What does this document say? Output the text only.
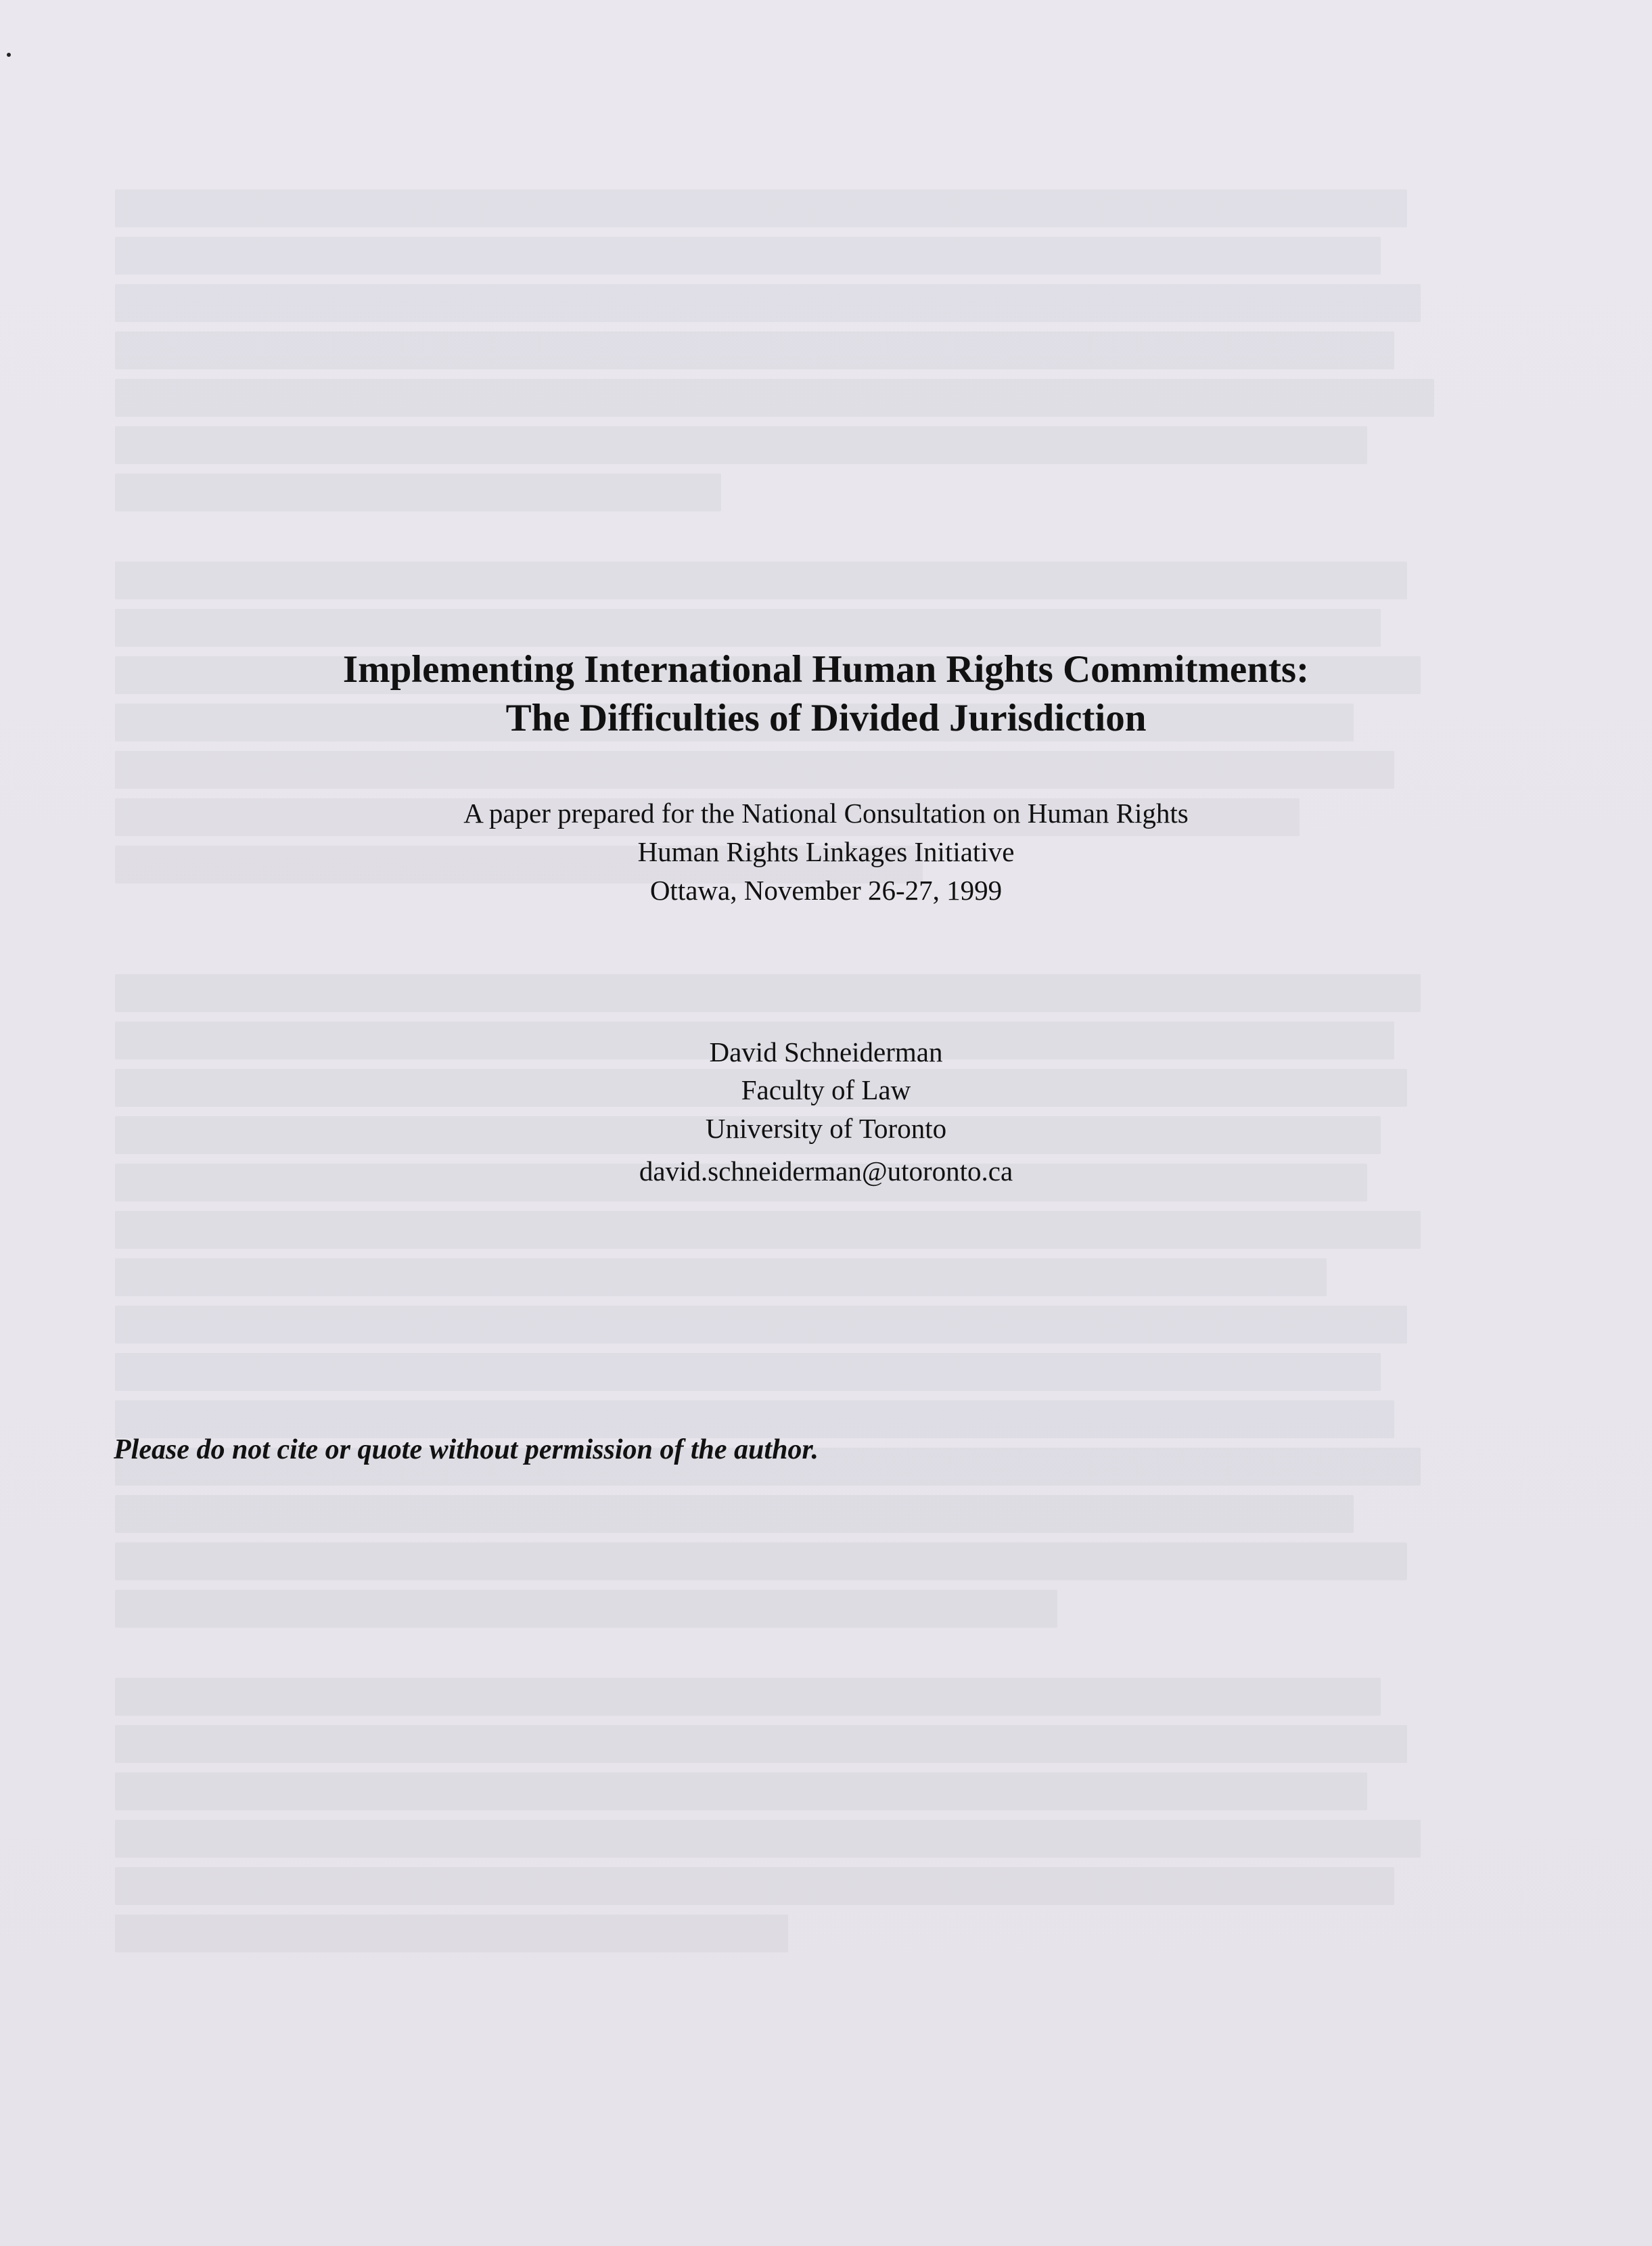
Implementing International Human Rights Commitments:
The Difficulties of Divided Jurisdiction
A paper prepared for the National Consultation on Human Rights
Human Rights Linkages Initiative
Ottawa, November 26-27, 1999
David Schneiderman
Faculty of Law
University of Toronto
david.schneiderman@utoronto.ca
Please do not cite or quote without permission of the author.
